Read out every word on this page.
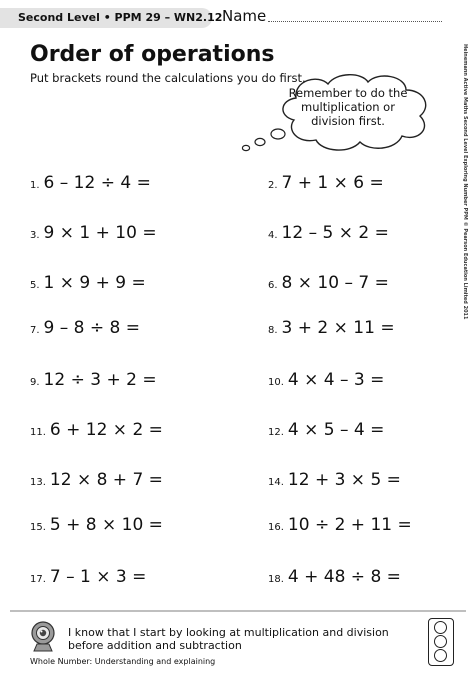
Second Level • PPM 29 – WN2.12 Name
Order of operations
Put brackets round the calculations you do first.
Remember to do the multiplication or division first.	Heinemann Active Maths Second Level Exploring Number PPM © Pearson Education Limited 2011
1. 6 – 12 ÷ 4 =	2. 7 + 1 × 6 =
3. 9 × 1 + 10 =	4. 12 – 5 × 2 =
5. 1 × 9 + 9 =	6. 8 × 10 – 7 =
7. 9 – 8 ÷ 8 =	8. 3 + 2 × 11 =
9. 12 ÷ 3 + 2 =	10. 4 × 4 – 3 =
11. 6 + 12 × 2 =	12. 4 × 5 – 4 =
13. 12 × 8 + 7 =	14. 12 + 3 × 5 =
15. 5 + 8 × 10 =	16. 10 ÷ 2 + 11 =
17. 7 – 1 × 3 =	18. 4 + 48 ÷ 8 =
I know that I start by looking at multiplication and division before addition and subtraction
Whole Number: Understanding and explaining
